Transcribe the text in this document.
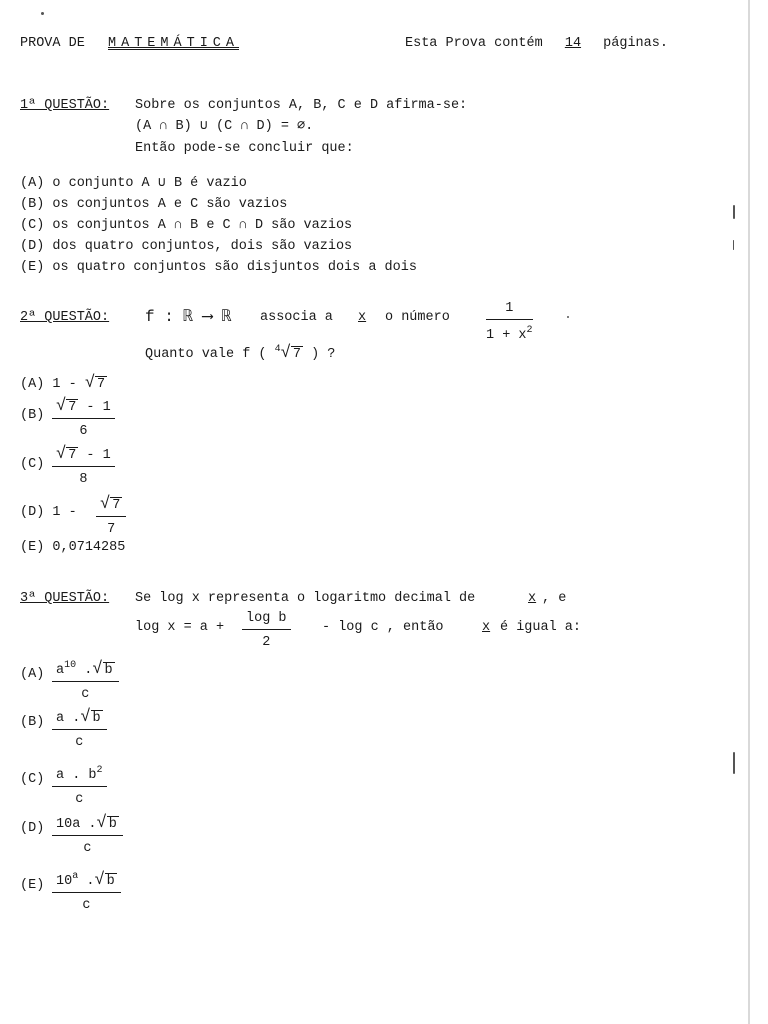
PROVA DE MATEMÁTICA	Esta Prova contém 14 páginas.
1ª QUESTÃO: Sobre os conjuntos A, B, C e D afirma-se:
(A ∩ B) ∪ (C ∩ D) = ∅.
Então pode-se concluir que:
(A) o conjunto A ∪ B é vazio
(B) os conjuntos A e C são vazios
(C) os conjuntos A ∩ B e C ∩ D são vazios
(D) dos quatro conjuntos, dois são vazios
(E) os quatro conjuntos são disjuntos dois a dois
2ª QUESTÃO: f : ℝ ⟶ ℝ associa a x o número	$\frac{1}{1 + x^2}$
Quanto vale f ( $^4$√ 7 ) ?
(A) 1 - √ 7
$(B) \frac{√ 7 - 1}{6}$
$(C) \frac{√ 7 - 1}{8}$
(D) $1 - \frac{√ 7}{7}$
(E) 0,0714285
3ª QUESTÃO: Se log x representa o logaritmo decimal de	x , e
$\log x = a + \frac{\text{log b}}{2} - \log c$ , então	x é igual a:
$(A) \frac{a^{10} .√ b}{c}$
$(B) \frac{a .√ b}{c}$
$(C) \frac{a . b^2}{c}$
$(D) \frac{10a .√ b}{c}$
$(E) \frac{10^a .√ b}{c}$
